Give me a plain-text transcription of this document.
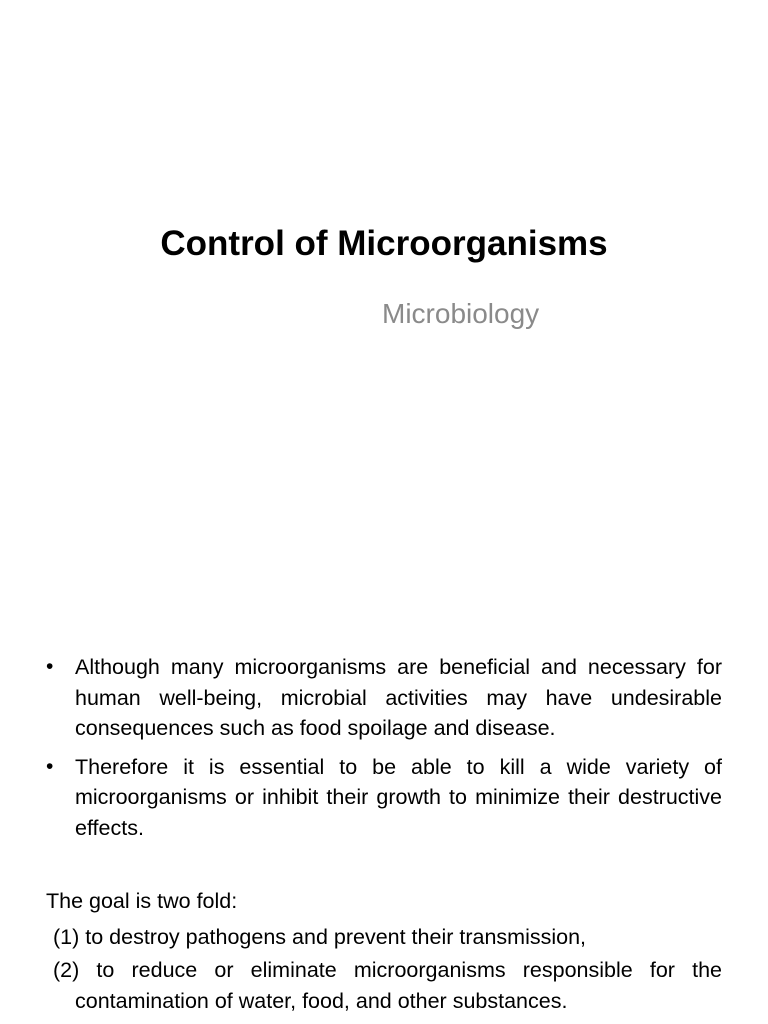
Control of Microorganisms
Microbiology
• Although many microorganisms are beneficial and necessary for human well-being, microbial activities may have undesirable consequences such as food spoilage and disease.
• Therefore it is essential to be able to kill a wide variety of microorganisms or inhibit their growth to minimize their destructive effects.

The goal is two fold:

(1) to destroy pathogens and prevent their transmission,
(2) to reduce or eliminate microorganisms responsible for the contamination of water, food, and other substances.
